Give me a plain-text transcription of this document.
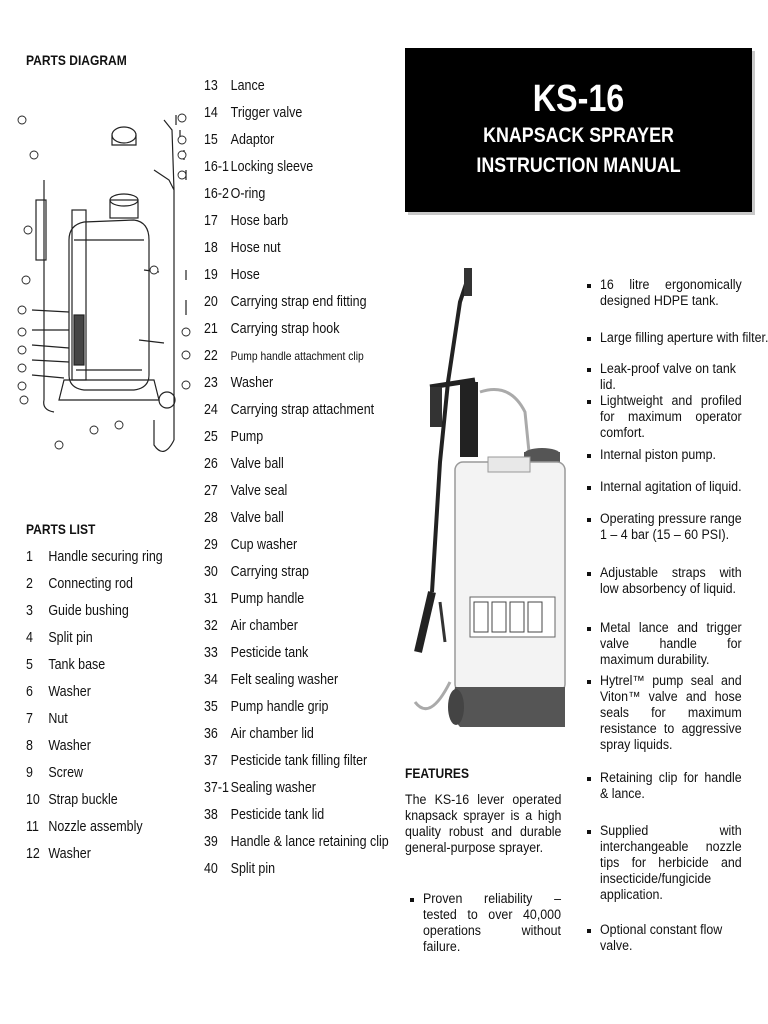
PARTS DIAGRAM
PARTS LIST
FEATURES
1 Handle securing ring
2 Connecting rod
3 Guide bushing
4 Split pin
5 Tank base
6 Washer
7 Nut
8 Washer
9 Screw
10 Strap buckle
11 Nozzle assembly
12 Washer
13 Lance
14 Trigger valve
15 Adaptor
16-1 Locking sleeve
16-2 O-ring
17 Hose barb
18 Hose nut
19 Hose
20 Carrying strap end fitting
21 Carrying strap hook
22 Pump handle attachment clip
23 Washer
24 Carrying strap attachment
25 Pump
26 Valve ball
27 Valve seal
28 Valve ball
29 Cup washer
30 Carrying strap
31 Pump handle
32 Air chamber
33 Pesticide tank
34 Felt sealing washer
35 Pump handle grip
36 Air chamber lid
37 Pesticide tank filling filter
37-1 Sealing washer
38 Pesticide tank lid
39 Handle & lance retaining clip
40 Split pin
KS-16
KNAPSACK SPRAYER
INSTRUCTION MANUAL
The KS-16 lever operated knapsack sprayer is a high quality robust and durable general-purpose sprayer.
Proven reliability – tested to over 40,000 operations without failure.
16 litre ergonomically designed HDPE tank.
Large filling aperture with filter.
Leak-proof valve on tank lid.
Lightweight and profiled for maximum operator comfort.
Internal piston pump.
Internal agitation of liquid.
Operating pressure range 1 – 4 bar (15 – 60 PSI).
Adjustable straps with low absorbency of liquid.
Metal lance and trigger valve handle for maximum durability.
Hytrel™ pump seal and Viton™ valve and hose seals for maximum resistance to aggressive spray liquids.
Retaining clip for handle & lance.
Supplied with interchangeable nozzle tips for herbicide and insecticide/fungicide application.
Optional constant flow valve.
